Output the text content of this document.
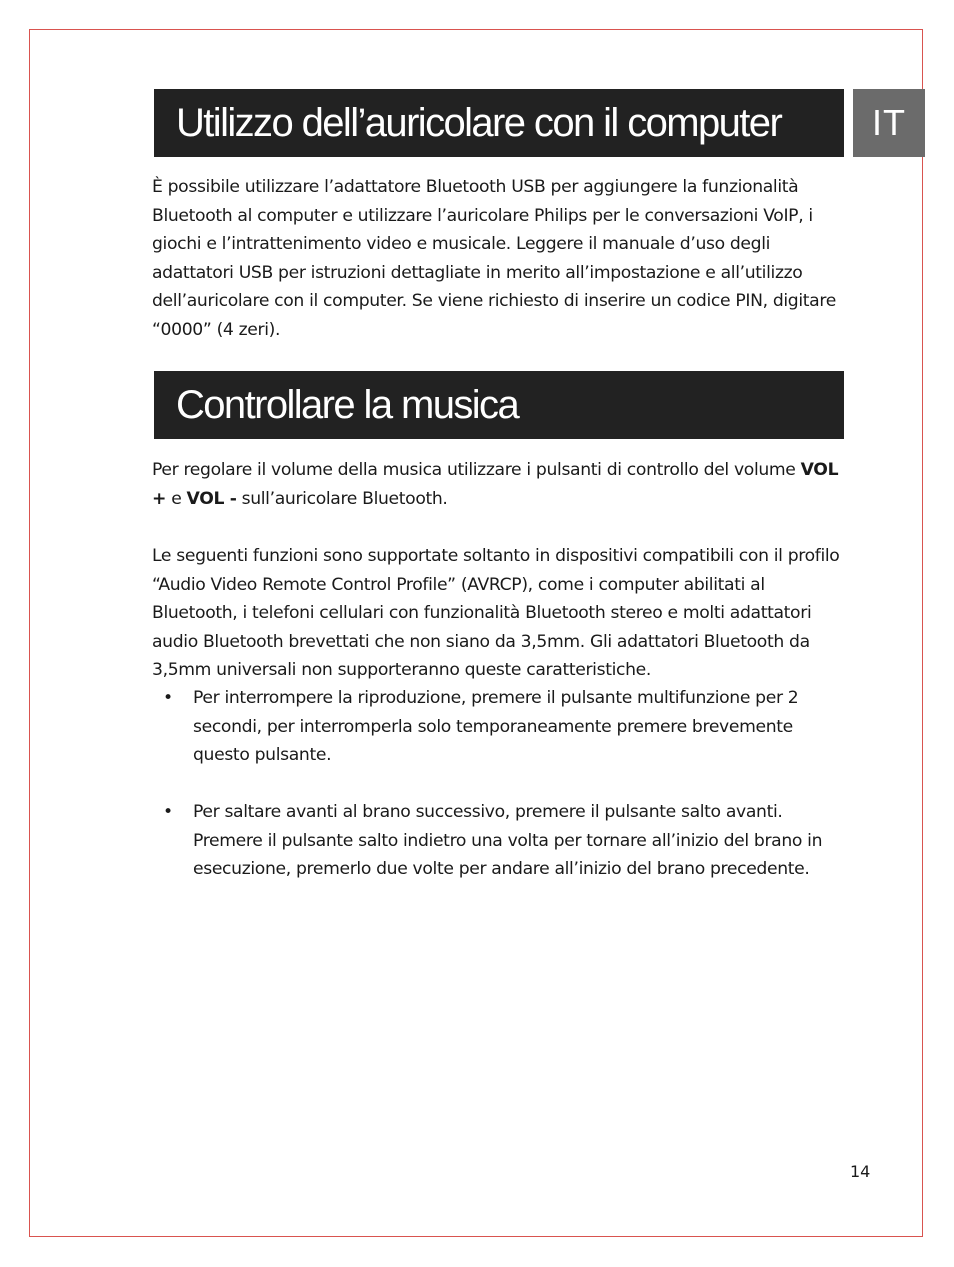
IT
Utilizzo dell’auricolare con il computer

È possibile utilizzare l’adattatore Bluetooth USB per aggiungere la funzionalità Bluetooth al computer e utilizzare l’auricolare Philips per le conversazioni VoIP, i giochi e l’intrattenimento video e musicale. Leggere il manuale d’uso degli adattatori USB per istruzioni dettagliate in merito all’impostazione e all’utilizzo dell’auricolare con il computer. Se viene richiesto di inserire un codice PIN, digitare “0000” (4 zeri).

Controllare la musica

Per regolare il volume della musica utilizzare i pulsanti di controllo del volume VOL + e VOL - sull’auricolare Bluetooth.

Le seguenti funzioni sono supportate soltanto in dispositivi compatibili con il profilo “Audio Video Remote Control Profile” (AVRCP), come i computer abilitati al Bluetooth, i telefoni cellulari con funzionalità Bluetooth stereo e molti adattatori audio Bluetooth brevettati che non siano da 3,5mm. Gli adattatori Bluetooth da 3,5mm universali non supporteranno queste caratteristiche.

• Per interrompere la riproduzione, premere il pulsante multifunzione per 2 secondi, per interromperla solo temporaneamente premere brevemente questo pulsante.
• Per saltare avanti al brano successivo, premere il pulsante salto avanti. Premere il pulsante salto indietro una volta per tornare all’inizio del brano in esecuzione, premerlo due volte per andare all’inizio del brano precedente.
14
